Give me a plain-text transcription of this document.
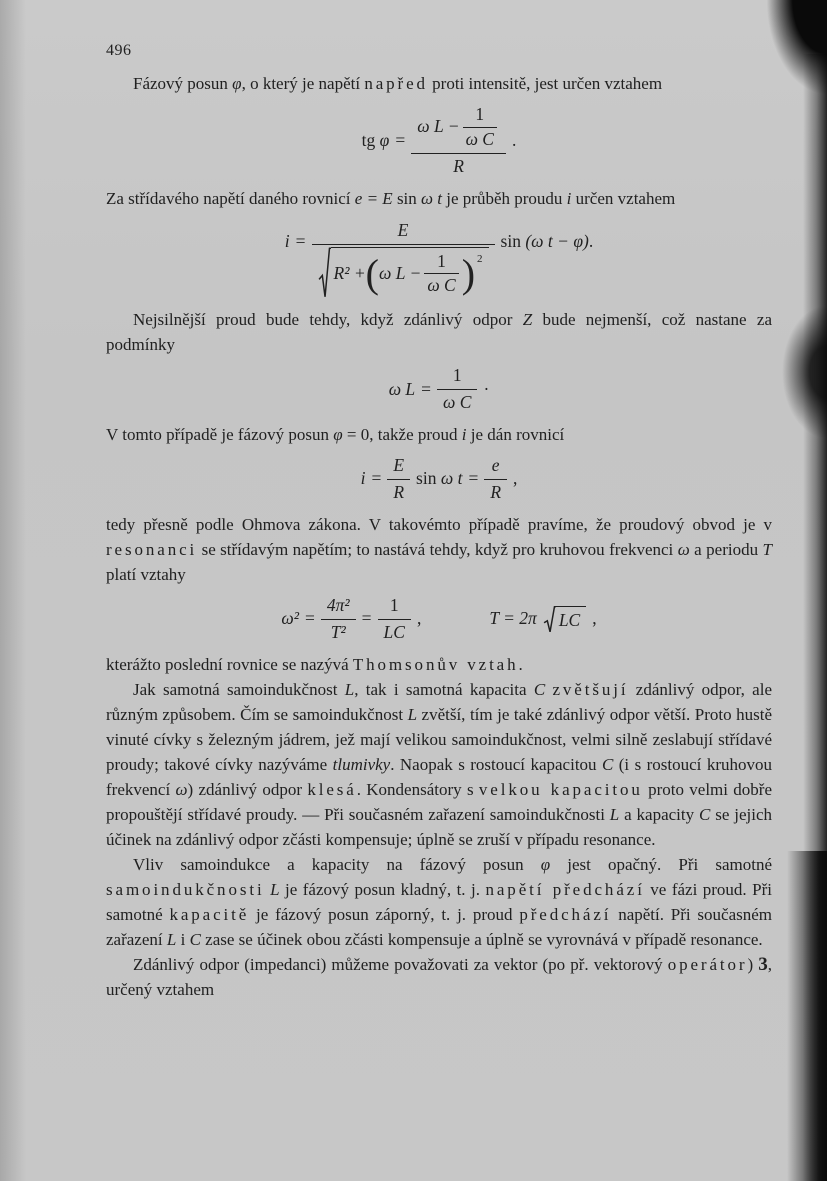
496

Fázový posun φ, o který je napětí napřed proti intensitě, jest určen vztahem

tg $\varphi = \frac{\omega L - \frac{1}{\text{ω C}}}{R}$ .

Za střídavého napětí daného rovnicí e = E sin ω t je průběh proudu i určen vztahem

i =
E
R² + ( ω $L - \frac{1}{\text{ω C}}$ ) 2
sin (ω t − φ).

Nejsilnější proud bude tehdy, když zdánlivý odpor Z bude nejmenší, což nastane za podmínky

ω $L = \frac{1}{\text{ω C}}$ ·

V tomto případě je fázový posun φ = 0, takže proud i je dán rovnicí

$i = \frac{E}{R}$ sin ω $t = \frac{e}{R}$ ,

tedy přesně podle Ohmova zákona. V takovémto případě pravíme, že proudový obvod je v resonanci se střídavým napětím; to nastává tehdy, když pro kruhovou frekvenci ω a periodu T platí vztahy

$\omega^2 = \frac{\text{4π²}}{\text{T²}} = \frac{1}{LC}$ ,	T = 2π LC ,

kterážto poslední rovnice se nazývá Thomsonův vztah.

Jak samotná samoindukčnost L, tak i samotná kapacita C zvětšují zdánlivý odpor, ale různým způsobem. Čím se samoindukčnost L zvětší, tím je také zdánlivý odpor větší. Proto hustě vinuté cívky s železným jádrem, jež mají velikou samoindukčnost, velmi silně zeslabují střídavé proudy; takové cívky nazýváme tlumivky. Naopak s rostoucí kapacitou C (i s rostoucí kruhovou frekvencí ω) zdánlivý odpor klesá. Kondensátory s velkou kapacitou proto velmi dobře propouštějí střídavé proudy. — Při současném zařazení samoindukčnosti L a kapacity C se jejich účinek na zdánlivý odpor zčásti kompensuje; úplně se zruší v případu resonance.

Vliv samoindukce a kapacity na fázový posun φ jest opačný. Při samotné samoindukčnosti L je fázový posun kladný, t. j. napětí předchází ve fázi proud. Při samotné kapacitě je fázový posun záporný, t. j. proud předchází napětí. Při současném zařazení L i C zase se účinek obou zčásti kompensuje a úplně se vyrovnává v případě resonance.

Zdánlivý odpor (impedanci) můžeme považovati za vektor (po př. vektorový operátor) 3, určený vztahem
